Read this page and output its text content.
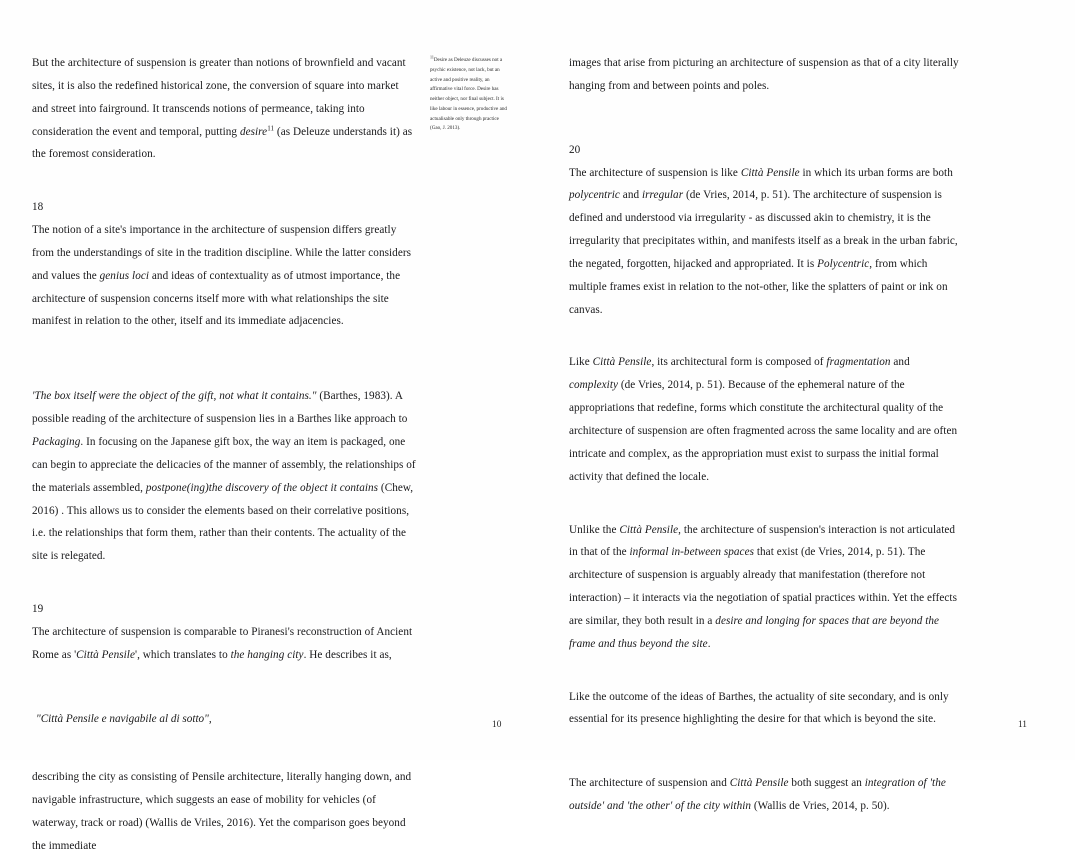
But the architecture of suspension is greater than notions of brownfield and vacant sites, it is also the redefined historical zone, the conversion of square into market and street into fairground. It transcends notions of permeance, taking into consideration the event and temporal, putting desire$^{11}$ (as Deleuze understands it) as the foremost consideration.

18

The notion of a site's importance in the architecture of suspension differs greatly from the understandings of site in the tradition discipline. While the latter considers and values the genius loci and ideas of contextuality as of utmost importance, the architecture of suspension concerns itself more with what relationships the site manifest in relation to the other, itself and its immediate adjacencies.

'The box itself were the object of the gift, not what it contains." (Barthes, 1983). A possible reading of the architecture of suspension lies in a Barthes like approach to Packaging. In focusing on the Japanese gift box, the way an item is packaged, one can begin to appreciate the delicacies of the manner of assembly, the relationships of the materials assembled, postpone(ing)the discovery of the object it contains (Chew, 2016) . This allows us to consider the elements based on their correlative positions, i.e. the relationships that form them, rather than their contents. The actuality of the site is relegated.

19

The architecture of suspension is comparable to Piranesi's reconstruction of Ancient Rome as 'Città Pensile', which translates to the hanging city. He describes it as,

"Città Pensile e navigabile al di sotto",

describing the city as consisting of Pensile architecture, literally hanging down, and navigable infrastructure, which suggests an ease of mobility for vehicles (of waterway, track or road) (Wallis de Vriles, 2016). Yet the comparison goes beyond the immediate

$^{11}$Desire as Deleuze discusses not a psychic existence, not lack, but an active and positive reality, an affirmative vital force. Desire has neither object, nor final subject. It is like labour in essence, productive and actualisable only through practice (Gao, J. 2013).
10

images that arise from picturing an architecture of suspension as that of a city literally hanging from and between points and poles.

20

The architecture of suspension is like Città Pensile in which its urban forms are both polycentric and irregular (de Vries, 2014, p. 51). The architecture of suspension is defined and understood via irregularity - as discussed akin to chemistry, it is the irregularity that precipitates within, and manifests itself as a break in the urban fabric, the negated, forgotten, hijacked and appropriated. It is Polycentric, from which multiple frames exist in relation to the not-other, like the splatters of paint or ink on canvas.

Like Città Pensile, its architectural form is composed of fragmentation and complexity (de Vries, 2014, p. 51). Because of the ephemeral nature of the appropriations that redefine, forms which constitute the architectural quality of the architecture of suspension are often fragmented across the same locality and are often intricate and complex, as the appropriation must exist to surpass the initial formal activity that defined the locale.

Unlike the Città Pensile, the architecture of suspension's interaction is not articulated in that of the informal in-between spaces that exist (de Vries, 2014, p. 51). The architecture of suspension is arguably already that manifestation (therefore not interaction) – it interacts via the negotiation of spatial practices within. Yet the effects are similar, they both result in a desire and longing for spaces that are beyond the frame and thus beyond the site.

Like the outcome of the ideas of Barthes, the actuality of site secondary, and is only essential for its presence highlighting the desire for that which is beyond the site.

The architecture of suspension and Città Pensile both suggest an integration of 'the outside' and 'the other' of the city within (Wallis de Vries, 2014, p. 50).

11
